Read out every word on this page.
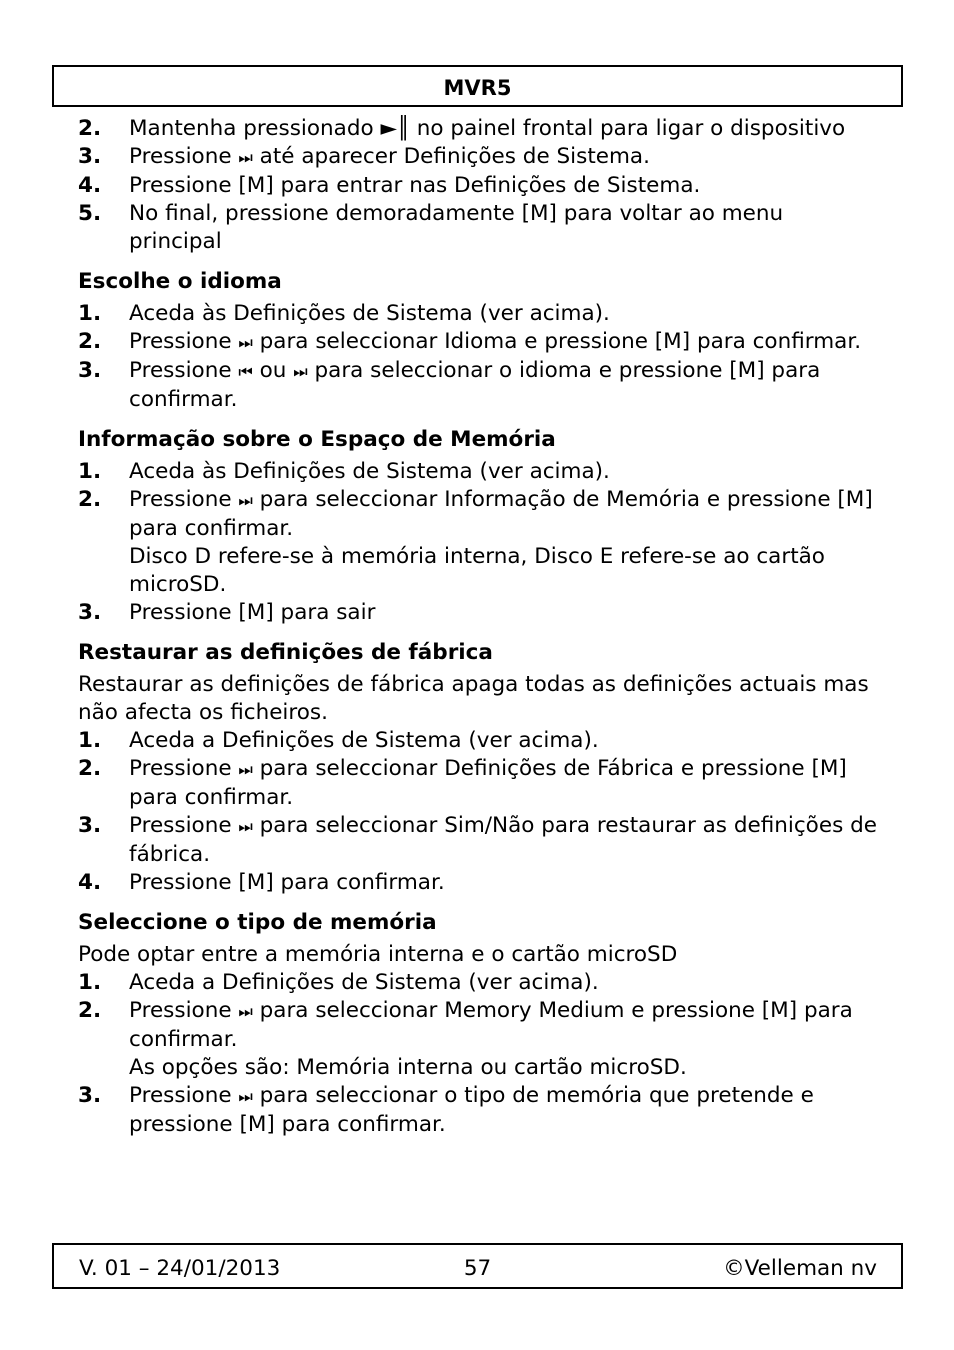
MVR5
2. Mantenha pressionado ►║ no painel frontal para ligar o dispositivo
3. Pressione ⏭ até aparecer Definições de Sistema.
4. Pressione [M] para entrar nas Definições de Sistema.
5. No final, pressione demoradamente [M] para voltar ao menu principal
Escolhe o idioma
1. Aceda às Definições de Sistema (ver acima).
2. Pressione ⏭ para seleccionar Idioma e pressione [M] para confirmar.
3. Pressione ⏮ ou ⏭ para seleccionar o idioma e pressione [M] para confirmar.
Informação sobre o Espaço de Memória
1. Aceda às Definições de Sistema (ver acima).
2. Pressione ⏭ para seleccionar Informação de Memória e pressione [M] para confirmar.
Disco D refere-se à memória interna, Disco E refere-se ao cartão microSD.
3. Pressione [M] para sair
Restaurar as definições de fábrica
Restaurar as definições de fábrica apaga todas as definições actuais mas não afecta os ficheiros.
1. Aceda a Definições de Sistema (ver acima).
2. Pressione ⏭ para seleccionar Definições de Fábrica e pressione [M] para confirmar.
3. Pressione ⏭ para seleccionar Sim/Não para restaurar as definições de fábrica.
4. Pressione [M] para confirmar.
Seleccione o tipo de memória
Pode optar entre a memória interna e o cartão microSD
1. Aceda a Definições de Sistema (ver acima).
2. Pressione ⏭ para seleccionar Memory Medium e pressione [M] para confirmar.
As opções são: Memória interna ou cartão microSD.
3. Pressione ⏭ para seleccionar o tipo de memória que pretende e pressione [M] para confirmar.
V. 01 – 24/01/2013	57	©Velleman nv
